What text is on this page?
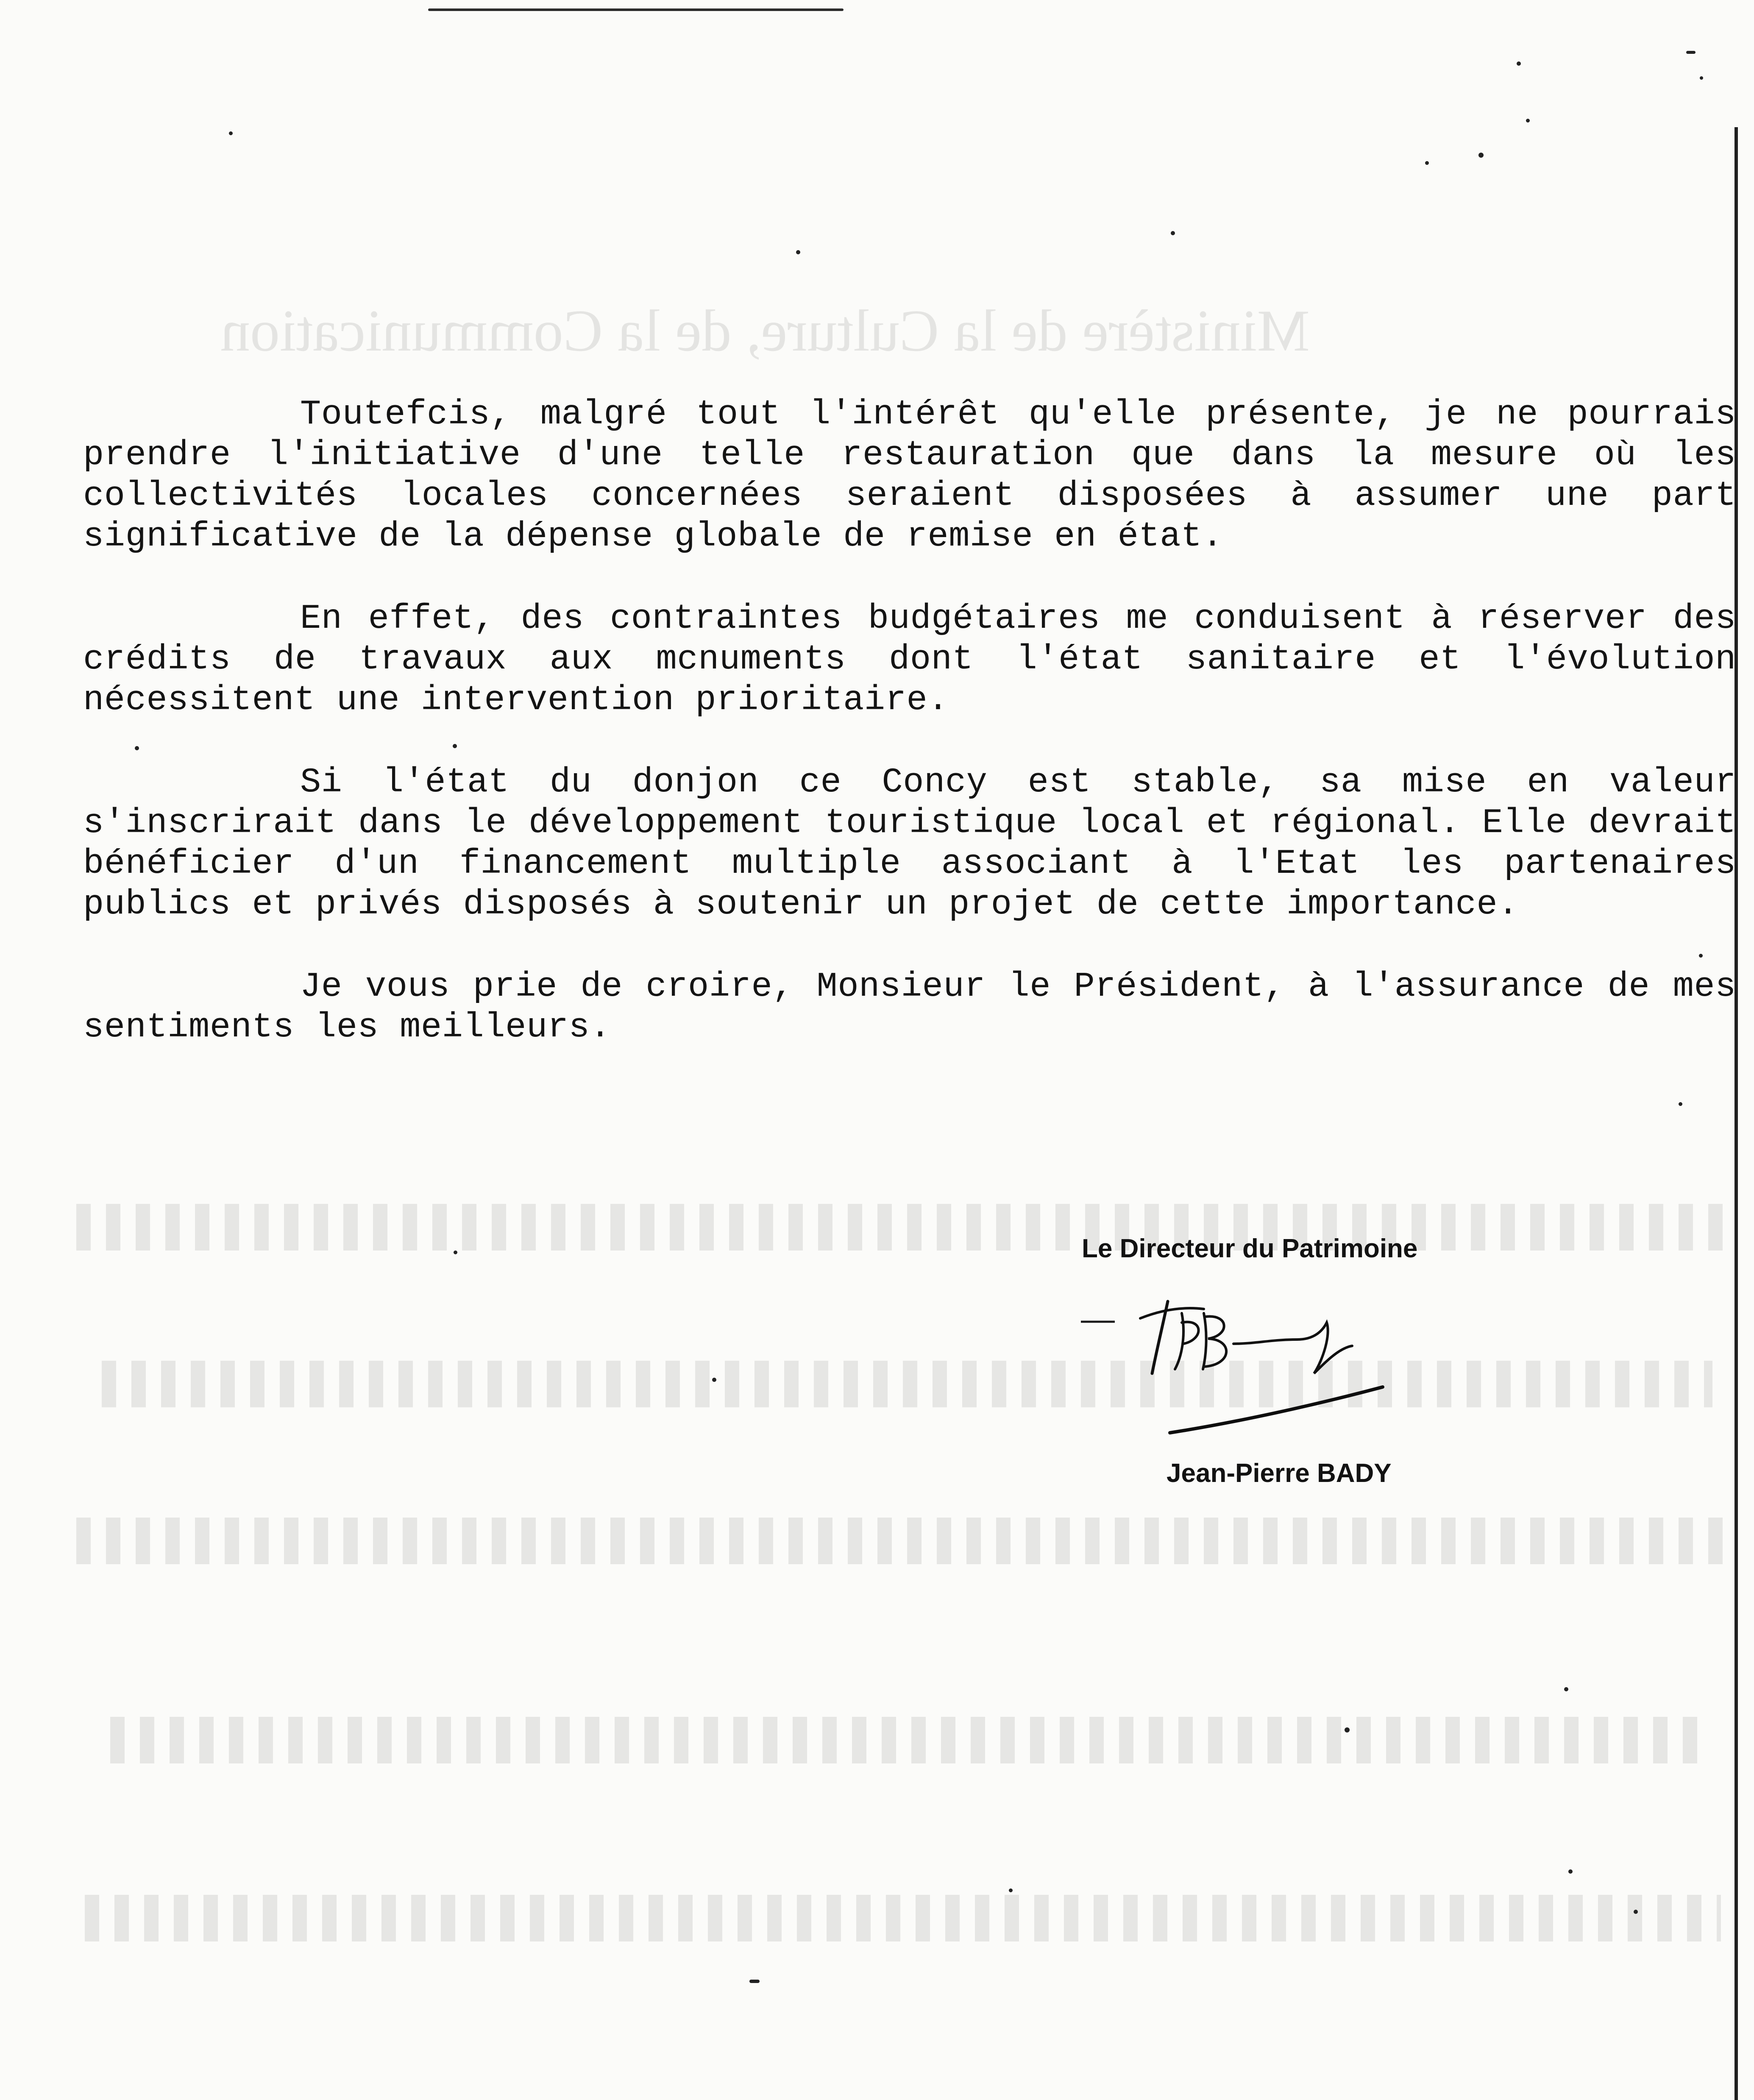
Ministère de la Culture, de la Communication

Toutefcis, malgré tout l'intérêt qu'elle présente, je ne pourrais prendre l'initiative d'une telle restauration que dans la mesure où les collectivités locales concernées seraient disposées à assumer une part significative de la dépense globale de remise en état.

En effet, des contraintes budgétaires me conduisent à réserver des crédits de travaux aux mcnuments dont l'état sanitaire et l'évolution nécessitent une intervention prioritaire.

Si l'état du donjon ce Concy est stable, sa mise en valeur s'inscrirait dans le développement touristique local et régional. Elle devrait bénéficier d'un financement multiple associant à l'Etat les partenaires publics et privés disposés à soutenir un projet de cette importance.

Je vous prie de croire, Monsieur le Président, à l'assurance de mes sentiments les meilleurs.

Le Directeur du Patrimoine
Jean-Pierre BADY
